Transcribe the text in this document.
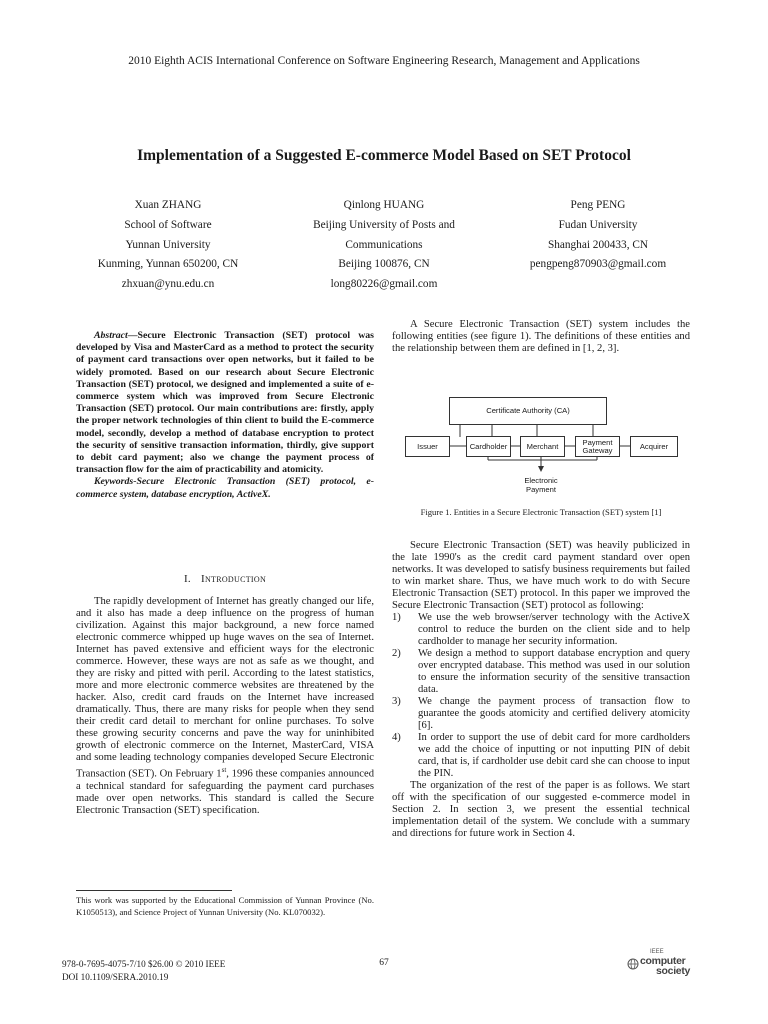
2010 Eighth ACIS International Conference on Software Engineering Research, Management and Applications
Implementation of a Suggested E-commerce Model Based on SET Protocol
Xuan ZHANG
School of Software
Yunnan University
Kunming, Yunnan 650200, CN
zhxuan@ynu.edu.cn
Qinlong HUANG
Beijing University of Posts and
Communications
Beijing 100876, CN
long80226@gmail.com
Peng PENG
Fudan University
Shanghai 200433, CN
pengpeng870903@gmail.com

Abstract—Secure Electronic Transaction (SET) protocol was developed by Visa and MasterCard as a method to protect the security of payment card transactions over open networks, but it failed to be widely promoted. Based on our research about Secure Electronic Transaction (SET) protocol, we designed and implemented a suite of e-commerce system which was improved from Secure Electronic Transaction (SET) protocol. Our main contributions are: firstly, apply the proper network technologies of thin client to build the E-commerce model, secondly, develop a method of database encryption to protect the security of sensitive transaction information, thirdly, give support to debit card payment; also we change the payment process of transaction flow for the aim of practicability and atomicity.

Keywords-Secure Electronic Transaction (SET) protocol, e-commerce system, database encryption, ActiveX.

I. Introduction

The rapidly development of Internet has greatly changed our life, and it also has made a deep influence on the progress of human civilization. Against this major background, a new force named electronic commerce whipped up huge waves on the sea of Internet. Internet has paved extensive and efficient ways for the electronic commerce. However, these ways are not as safe as we thought, and they are risky and pitted with peril. According to the latest statistics, more and more electronic commerce websites are threatened by the hacker. Also, credit card frauds on the Internet have increased dramatically. Thus, there are many risks for people when they send their credit card detail to merchant for online purchases. To solve these growing security concerns and pave the way for uninhibited growth of electronic commerce on the Internet, MasterCard, VISA and some leading technology companies developed Secure Electronic Transaction (SET). On February 1st, 1996 these companies announced a technical standard for safeguarding the payment card purchases made over open networks. This standard is called the Secure Electronic Transaction (SET) specification.

This work was supported by the Educational Commission of Yunnan Province (No. K1050513), and Science Project of Yunnan University (No. KL070032).

A Secure Electronic Transaction (SET) system includes the following entities (see figure 1). The definitions of these entities and the relationship between them are defined in [1, 2, 3].

Certificate Authority (CA)
Issuer	Cardholder	Merchant	Payment Gateway	Acquirer
Electronic
Payment
Figure 1. Entities in a Secure Electronic Transaction (SET) system [1]

Secure Electronic Transaction (SET) was heavily publicized in the late 1990's as the credit card payment standard over open networks. It was developed to satisfy business requirements but failed to win market share. Thus, we have much work to do with Secure Electronic Transaction (SET) protocol. In this paper we improved the Secure Electronic Transaction (SET) protocol as following:

1) We use the web browser/server technology with the ActiveX control to reduce the burden on the client side and to help cardholder to manage her security information.
2) We design a method to support database encryption and query over encrypted database. This method was used in our solution to ensure the information security of the sensitive transaction data.
3) We change the payment process of transaction flow to guarantee the goods atomicity and certified delivery atomicity [6].
4) In order to support the use of debit card for more cardholders we add the choice of inputting or not inputting PIN of debit card, that is, if cardholder use debit card she can choose to input the PIN.

The organization of the rest of the paper is as follows. We start off with the specification of our suggested e-commerce model in Section 2. In section 3, we present the essential technical implementation detail of the system. We conclude with a summary and directions for future work in Section 4.

978-0-7695-4075-7/10 $26.00 © 2010 IEEE
DOI 10.1109/SERA.2010.19
67
IEEE
computer
society
